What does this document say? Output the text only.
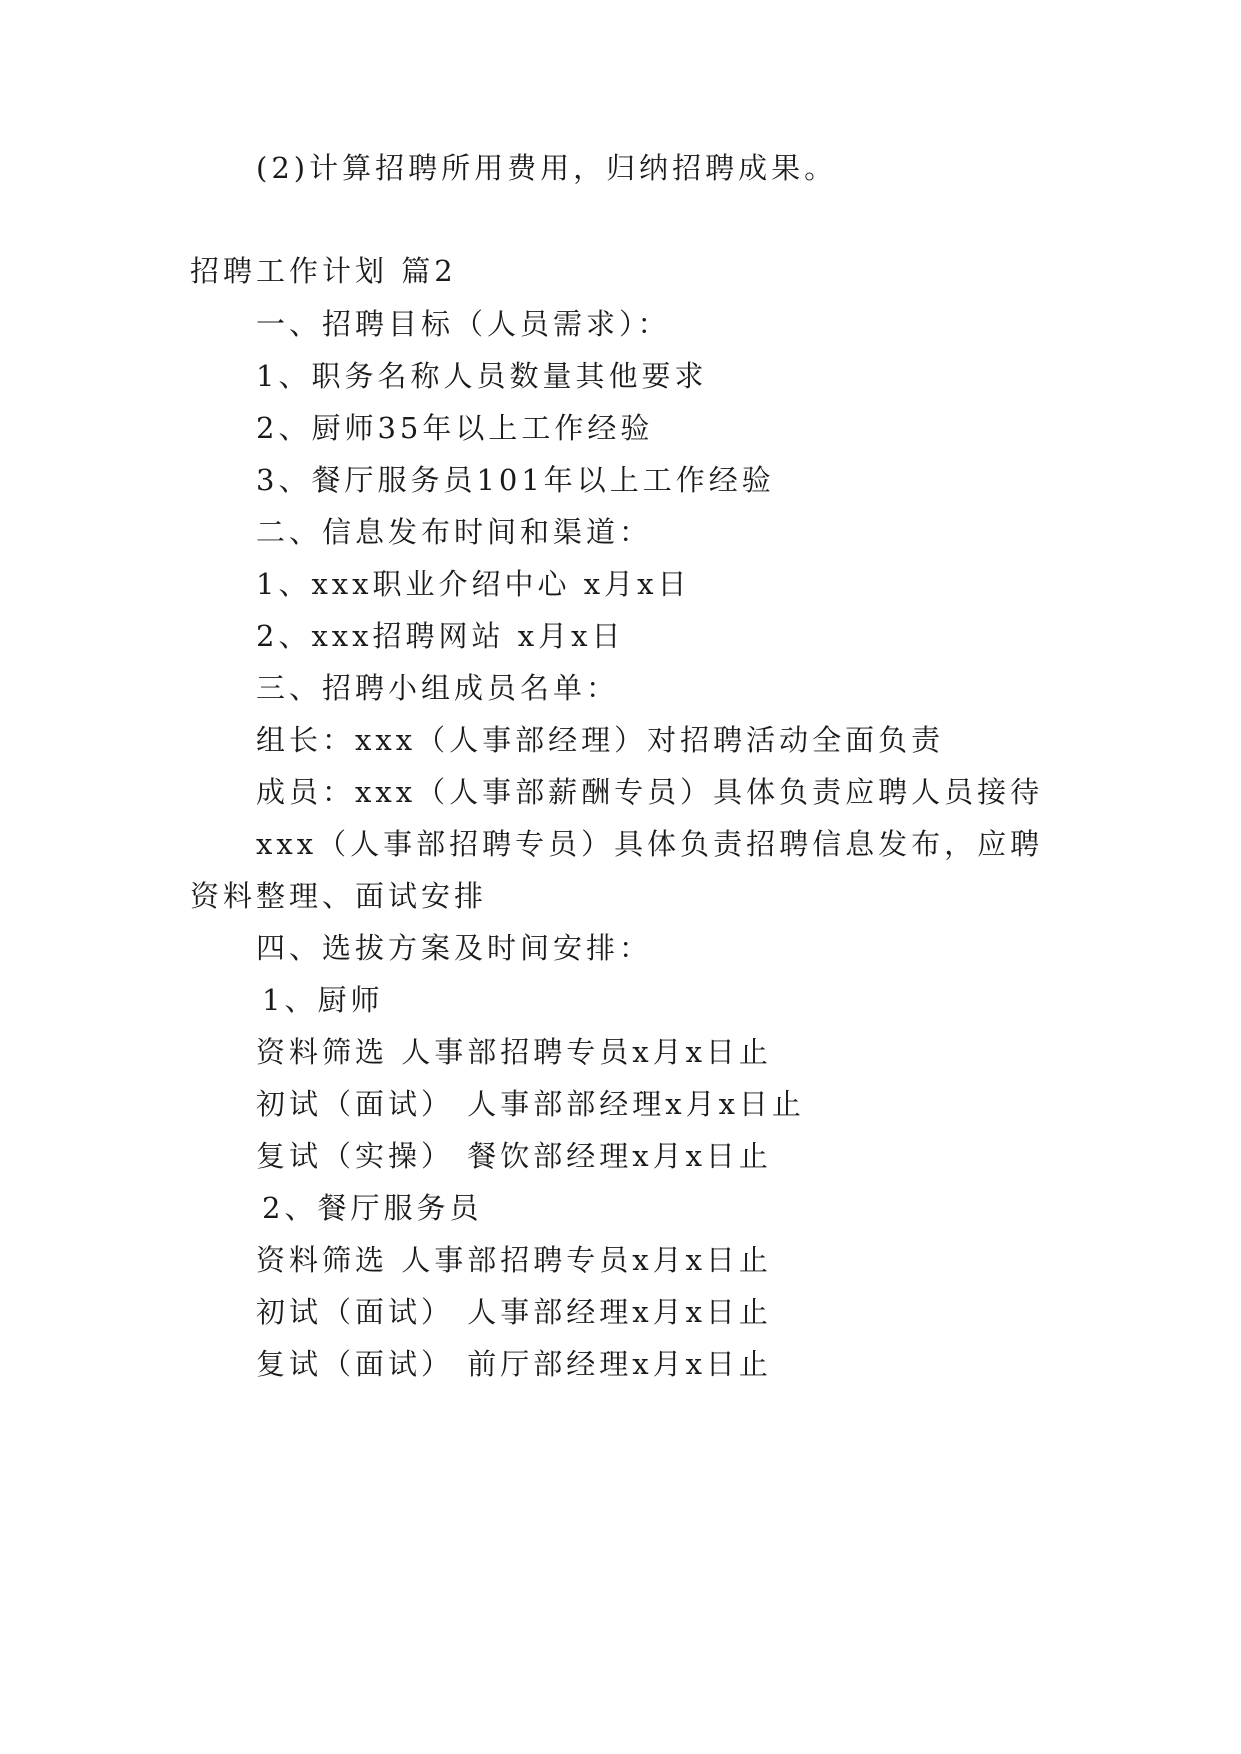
(2)计算招聘所用费用，归纳招聘成果。
招聘工作计划 篇2
一、招聘目标（人员需求）：
1、职务名称人员数量其他要求
2、厨师35年以上工作经验
3、餐厅服务员101年以上工作经验
二、信息发布时间和渠道：
1、xxx职业介绍中心 x月x日
2、xxx招聘网站 x月x日
三、招聘小组成员名单：
组长：xxx（人事部经理）对招聘活动全面负责
成员：xxx（人事部薪酬专员）具体负责应聘人员接待
xxx（人事部招聘专员）具体负责招聘信息发布，应聘
资料整理、面试安排
四、选拔方案及时间安排：
1、厨师
资料筛选 人事部招聘专员x月x日止
初试（面试） 人事部部经理x月x日止
复试（实操） 餐饮部经理x月x日止
2、餐厅服务员
资料筛选 人事部招聘专员x月x日止
初试（面试） 人事部经理x月x日止
复试（面试） 前厅部经理x月x日止
